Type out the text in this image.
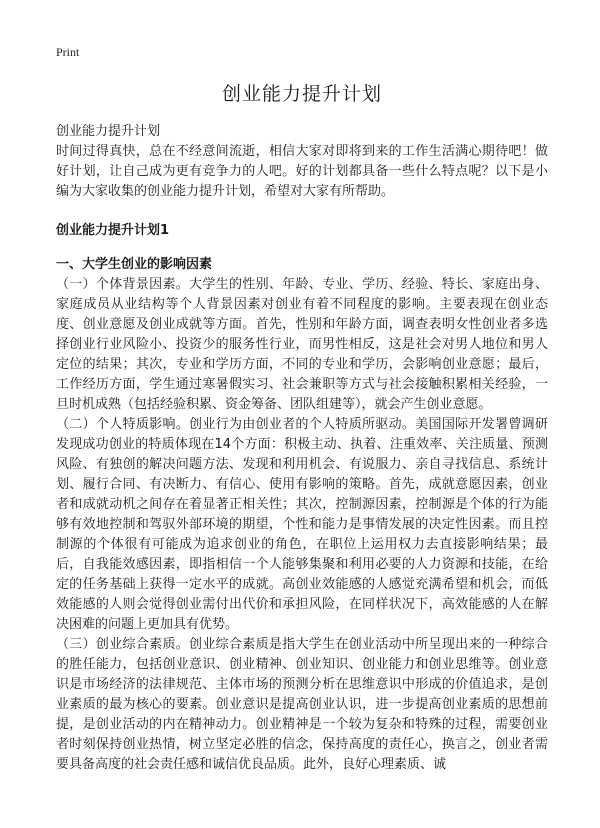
Print
创业能力提升计划
创业能力提升计划

时间过得真快，总在不经意间流逝，相信大家对即将到来的工作生活满心期待吧！做好计划，让自己成为更有竞争力的人吧。好的计划都具备一些什么特点呢？以下是小编为大家收集的创业能力提升计划，希望对大家有所帮助。

创业能力提升计划1
一、大学生创业的影响因素

（一）个体背景因素。大学生的性别、年龄、专业、学历、经验、特长、家庭出身、家庭成员从业结构等个人背景因素对创业有着不同程度的影响。主要表现在创业态度、创业意愿及创业成就等方面。首先，性别和年龄方面，调查表明女性创业者多选择创业行业风险小、投资少的服务性行业，而男性相反，这是社会对男人地位和男人定位的结果；其次，专业和学历方面，不同的专业和学历，会影响创业意愿；最后，工作经历方面，学生通过寒暑假实习、社会兼职等方式与社会接触积累相关经验，一旦时机成熟（包括经验积累、资金筹备、团队组建等），就会产生创业意愿。

（二）个人特质影响。创业行为由创业者的个人特质所驱动。美国国际开发署曾调研发现成功创业的特质体现在14个方面：积极主动、执着、注重效率、关注质量、预测风险、有独创的解决问题方法、发现和利用机会、有说服力、亲自寻找信息、系统计划、履行合同、有决断力、有信心、使用有影响的策略。首先，成就意愿因素，创业者和成就动机之间存在着显著正相关性；其次，控制源因素，控制源是个体的行为能够有效地控制和驾驭外部环境的期望，个性和能力是事情发展的决定性因素。而且控制源的个体很有可能成为追求创业的角色，在职位上运用权力去直接影响结果；最后，自我能效感因素，即指相信一个人能够集聚和利用必要的人力资源和技能，在给定的任务基础上获得一定水平的成就。高创业效能感的人感觉充满希望和机会，而低效能感的人则会觉得创业需付出代价和承担风险，在同样状况下，高效能感的人在解决困难的问题上更加具有优势。

（三）创业综合素质。创业综合素质是指大学生在创业活动中所呈现出来的一种综合的胜任能力，包括创业意识、创业精神、创业知识、创业能力和创业思维等。创业意识是市场经济的法律规范、主体市场的预测分析在思维意识中形成的价值追求，是创业素质的最为核心的要素。创业意识是提高创业认识，进一步提高创业素质的思想前提，是创业活动的内在精神动力。创业精神是一个较为复杂和特殊的过程，需要创业者时刻保持创业热情，树立坚定必胜的信念，保持高度的责任心，换言之，创业者需要具备高度的社会责任感和诚信优良品质。此外，良好心理素质、诚
